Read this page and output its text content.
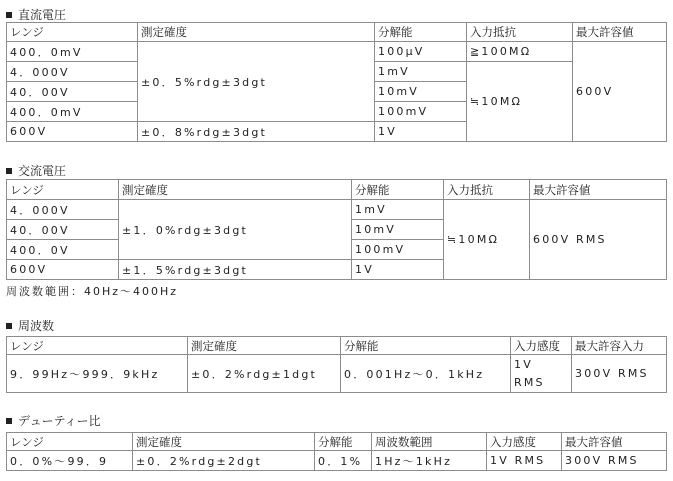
直流電圧
レンジ	測定確度	分解能	入力抵抗	最大許容値
400．0mV	±0．5%rdg±3dgt	100μV	≧100MΩ	600V
4．000V		1mV	≒10MΩ	
40．00V		10mV		
400．0mV		100mV		
600V	±0．8%rdg±3dgt	1V		
交流電圧
レンジ	測定確度	分解能	入力抵抗	最大許容値
4．000V	±1．0%rdg±3dgt	1mV	≒10MΩ	600V RMS
40．00V		10mV		
400．0V		100mV		
600V	±1．5%rdg±3dgt	1V		
周波数範囲：40Hz～400Hz
周波数
レンジ	測定確度	分解能	入力感度	最大許容入力
9．99Hz～999．9kHz	±0．2%rdg±1dgt	0．001Hz～0．1kHz	1V RMS	300V RMS
デューティー比
レンジ	測定確度	分解能	周波数範囲	入力感度	最大許容値
0．0%～99．9	±0．2%rdg±2dgt	0．1%	1Hz～1kHz	1V RMS	300V RMS
